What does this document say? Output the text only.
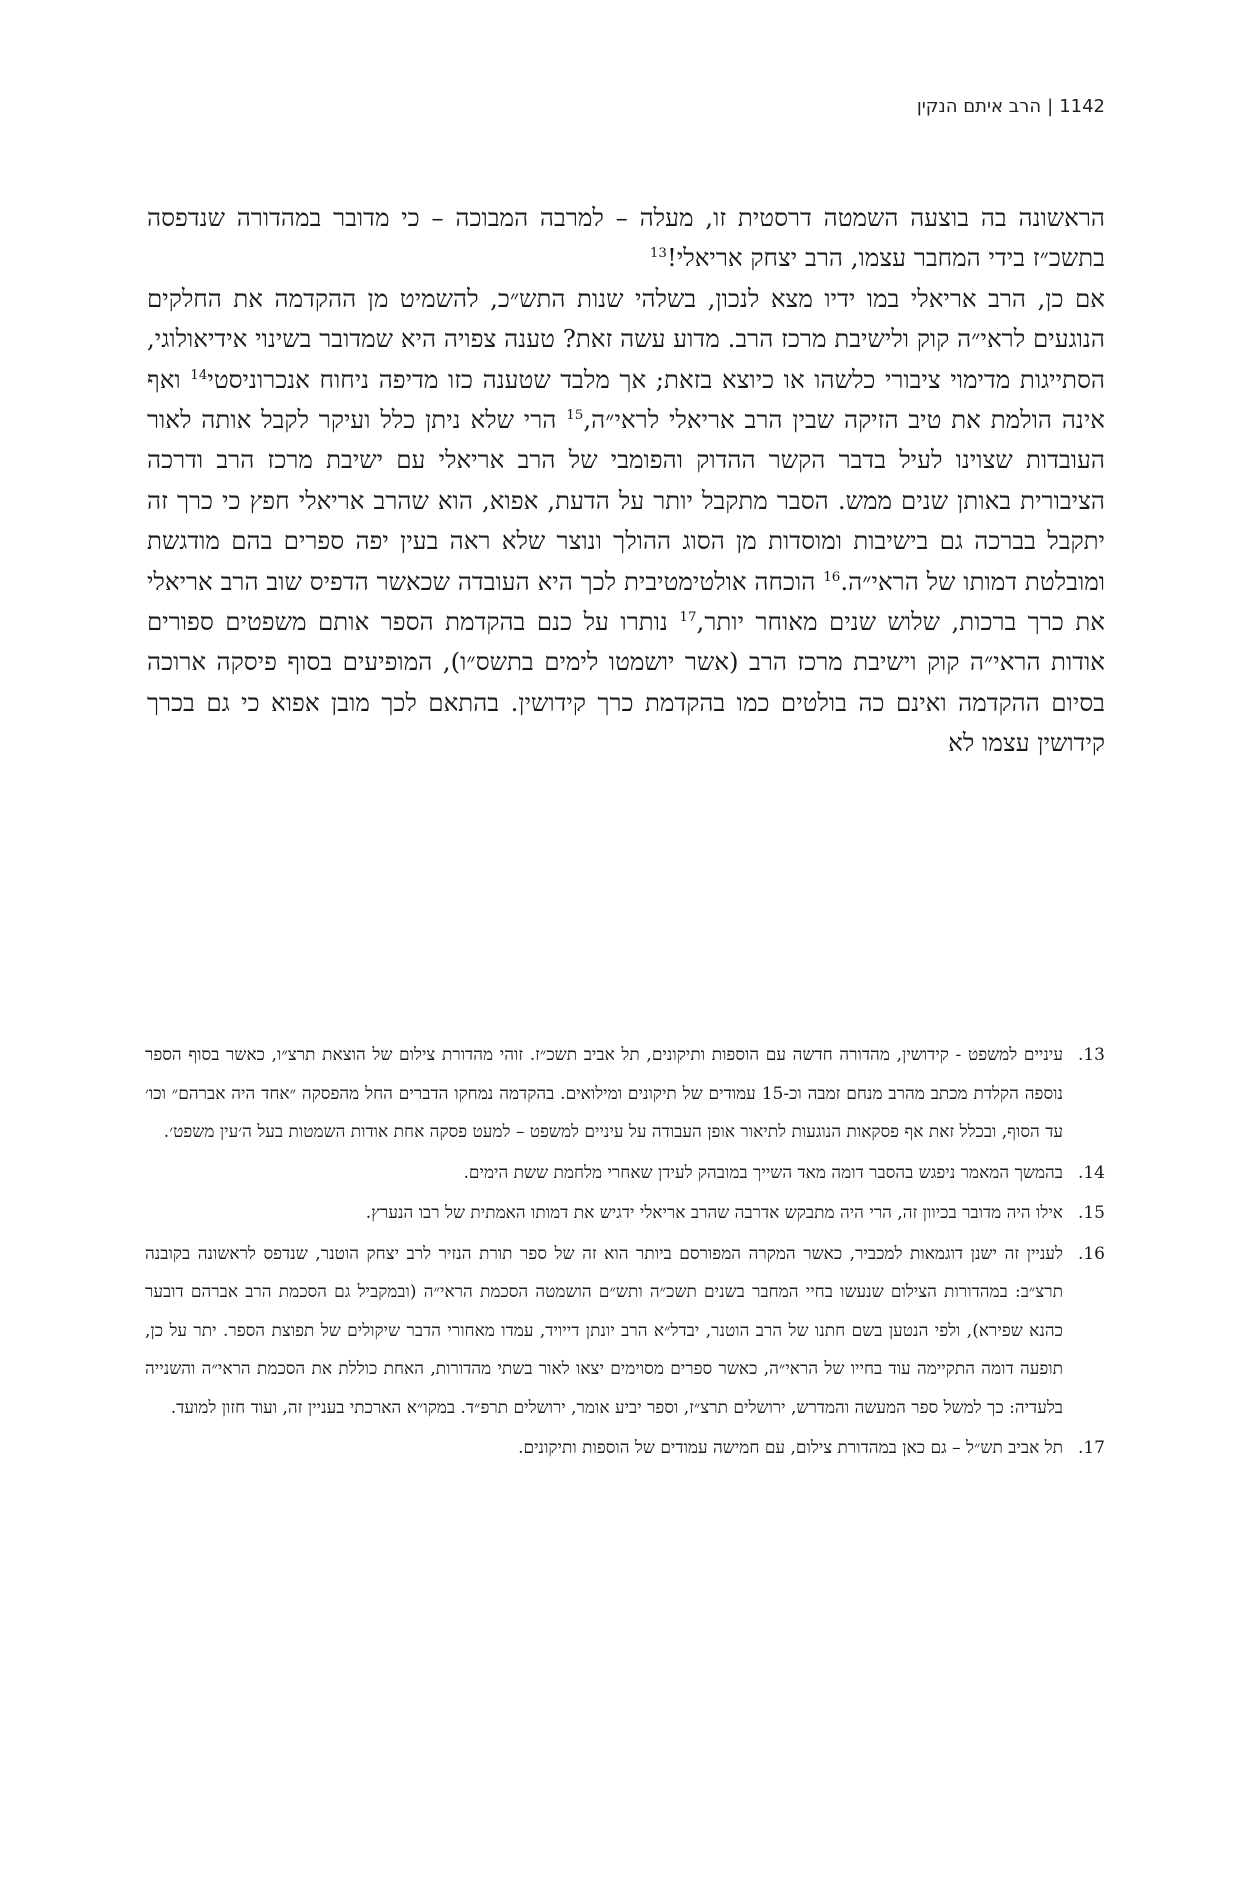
1142|הרב איתם הנקין

הראשונה בה בוצעה השמטה דרסטית זו, מעלה – למרבה המבוכה – כי מדובר במהדורה שנדפסה בתשכ״ז בידי המחבר עצמו, הרב יצחק אריאלי!$^{13}$

אם כן, הרב אריאלי במו ידיו מצא לנכון, בשלהי שנות התש״כ, להשמיט מן ההקדמה את החלקים הנוגעים לראי״ה קוק ולישיבת מרכז הרב. מדוע עשה זאת? טענה צפויה היא שמדובר בשינוי אידיאולוגי, הסתייגות מדימוי ציבורי כלשהו או כיוצא בזאת; אך מלבד שטענה כזו מדיפה ניחוח אנכרוניסטי$^{14}$ ואף אינה הולמת את טיב הזיקה שבין הרב אריאלי לראי״ה,$^{15}$ הרי שלא ניתן כלל ועיקר לקבל אותה לאור העובדות שצוינו לעיל בדבר הקשר ההדוק והפומבי של הרב אריאלי עם ישיבת מרכז הרב ודרכה הציבורית באותן שנים ממש. הסבר מתקבל יותר על הדעת, אפוא, הוא שהרב אריאלי חפץ כי כרך זה יתקבל בברכה גם בישיבות ומוסדות מן הסוג ההולך ונוצר שלא ראה בעין יפה ספרים בהם מודגשת ומובלטת דמותו של הראי״ה.$^{16}$ הוכחה אולטימטיבית לכך היא העובדה שכאשר הדפיס שוב הרב אריאלי את כרך ברכות, שלוש שנים מאוחר יותר,$^{17}$ נותרו על כנם בהקדמת הספר אותם משפטים ספורים אודות הראי״ה קוק וישיבת מרכז הרב (אשר יושמטו לימים בתשס״ו), המופיעים בסוף פיסקה ארוכה בסיום ההקדמה ואינם כה בולטים כמו בהקדמת כרך קידושין. בהתאם לכך מובן אפוא כי גם בכרך קידושין עצמו לא

13.
עיניים למשפט - קידושין, מהדורה חדשה עם הוספות ותיקונים, תל אביב תשכ״ז. זוהי מהדורת צילום של הוצאת תרצ״ו, כאשר בסוף הספר נוספה הקלדת מכתב מהרב מנחם זמבה וכ-15 עמודים של תיקונים ומילואים. בהקדמה נמחקו הדברים החל מהפסקה ״אחד היה אברהם״ וכו׳ עד הסוף, ובכלל זאת אף פסקאות הנוגעות לתיאור אופן העבודה על עיניים למשפט – למעט פסקה אחת אודות השמטות בעל ה׳עין משפט׳.
14.
בהמשך המאמר ניפגש בהסבר דומה מאד השייך במובהק לעידן שאחרי מלחמת ששת הימים.
15.
אילו היה מדובר בכיוון זה, הרי היה מתבקש אדרבה שהרב אריאלי ידגיש את דמותו האמתית של רבו הנערץ.
16.
לעניין זה ישנן דוגמאות למכביר, כאשר המקרה המפורסם ביותר הוא זה של ספר תורת הנזיר לרב יצחק הוטנר, שנדפס לראשונה בקובנה תרצ״ב: במהדורות הצילום שנעשו בחיי המחבר בשנים תשכ״ה ותש״ם הושמטה הסכמת הראי״ה (ובמקביל גם הסכמת הרב אברהם דובער כהנא שפירא), ולפי הנטען בשם חתנו של הרב הוטנר, יבדל״א הרב יונתן דייויד, עמדו מאחורי הדבר שיקולים של תפוצת הספר. יתר על כן, תופעה דומה התקיימה עוד בחייו של הראי״ה, כאשר ספרים מסוימים יצאו לאור בשתי מהדורות, האחת כוללת את הסכמת הראי״ה והשנייה בלעדיה: כך למשל ספר המעשה והמדרש, ירושלים תרצ״ז, וספר יביע אומר, ירושלים תרפ״ד. במקו״א הארכתי בעניין זה, ועוד חזון למועד.
17.
תל אביב תש״ל – גם כאן במהדורת צילום, עם חמישה עמודים של הוספות ותיקונים.
